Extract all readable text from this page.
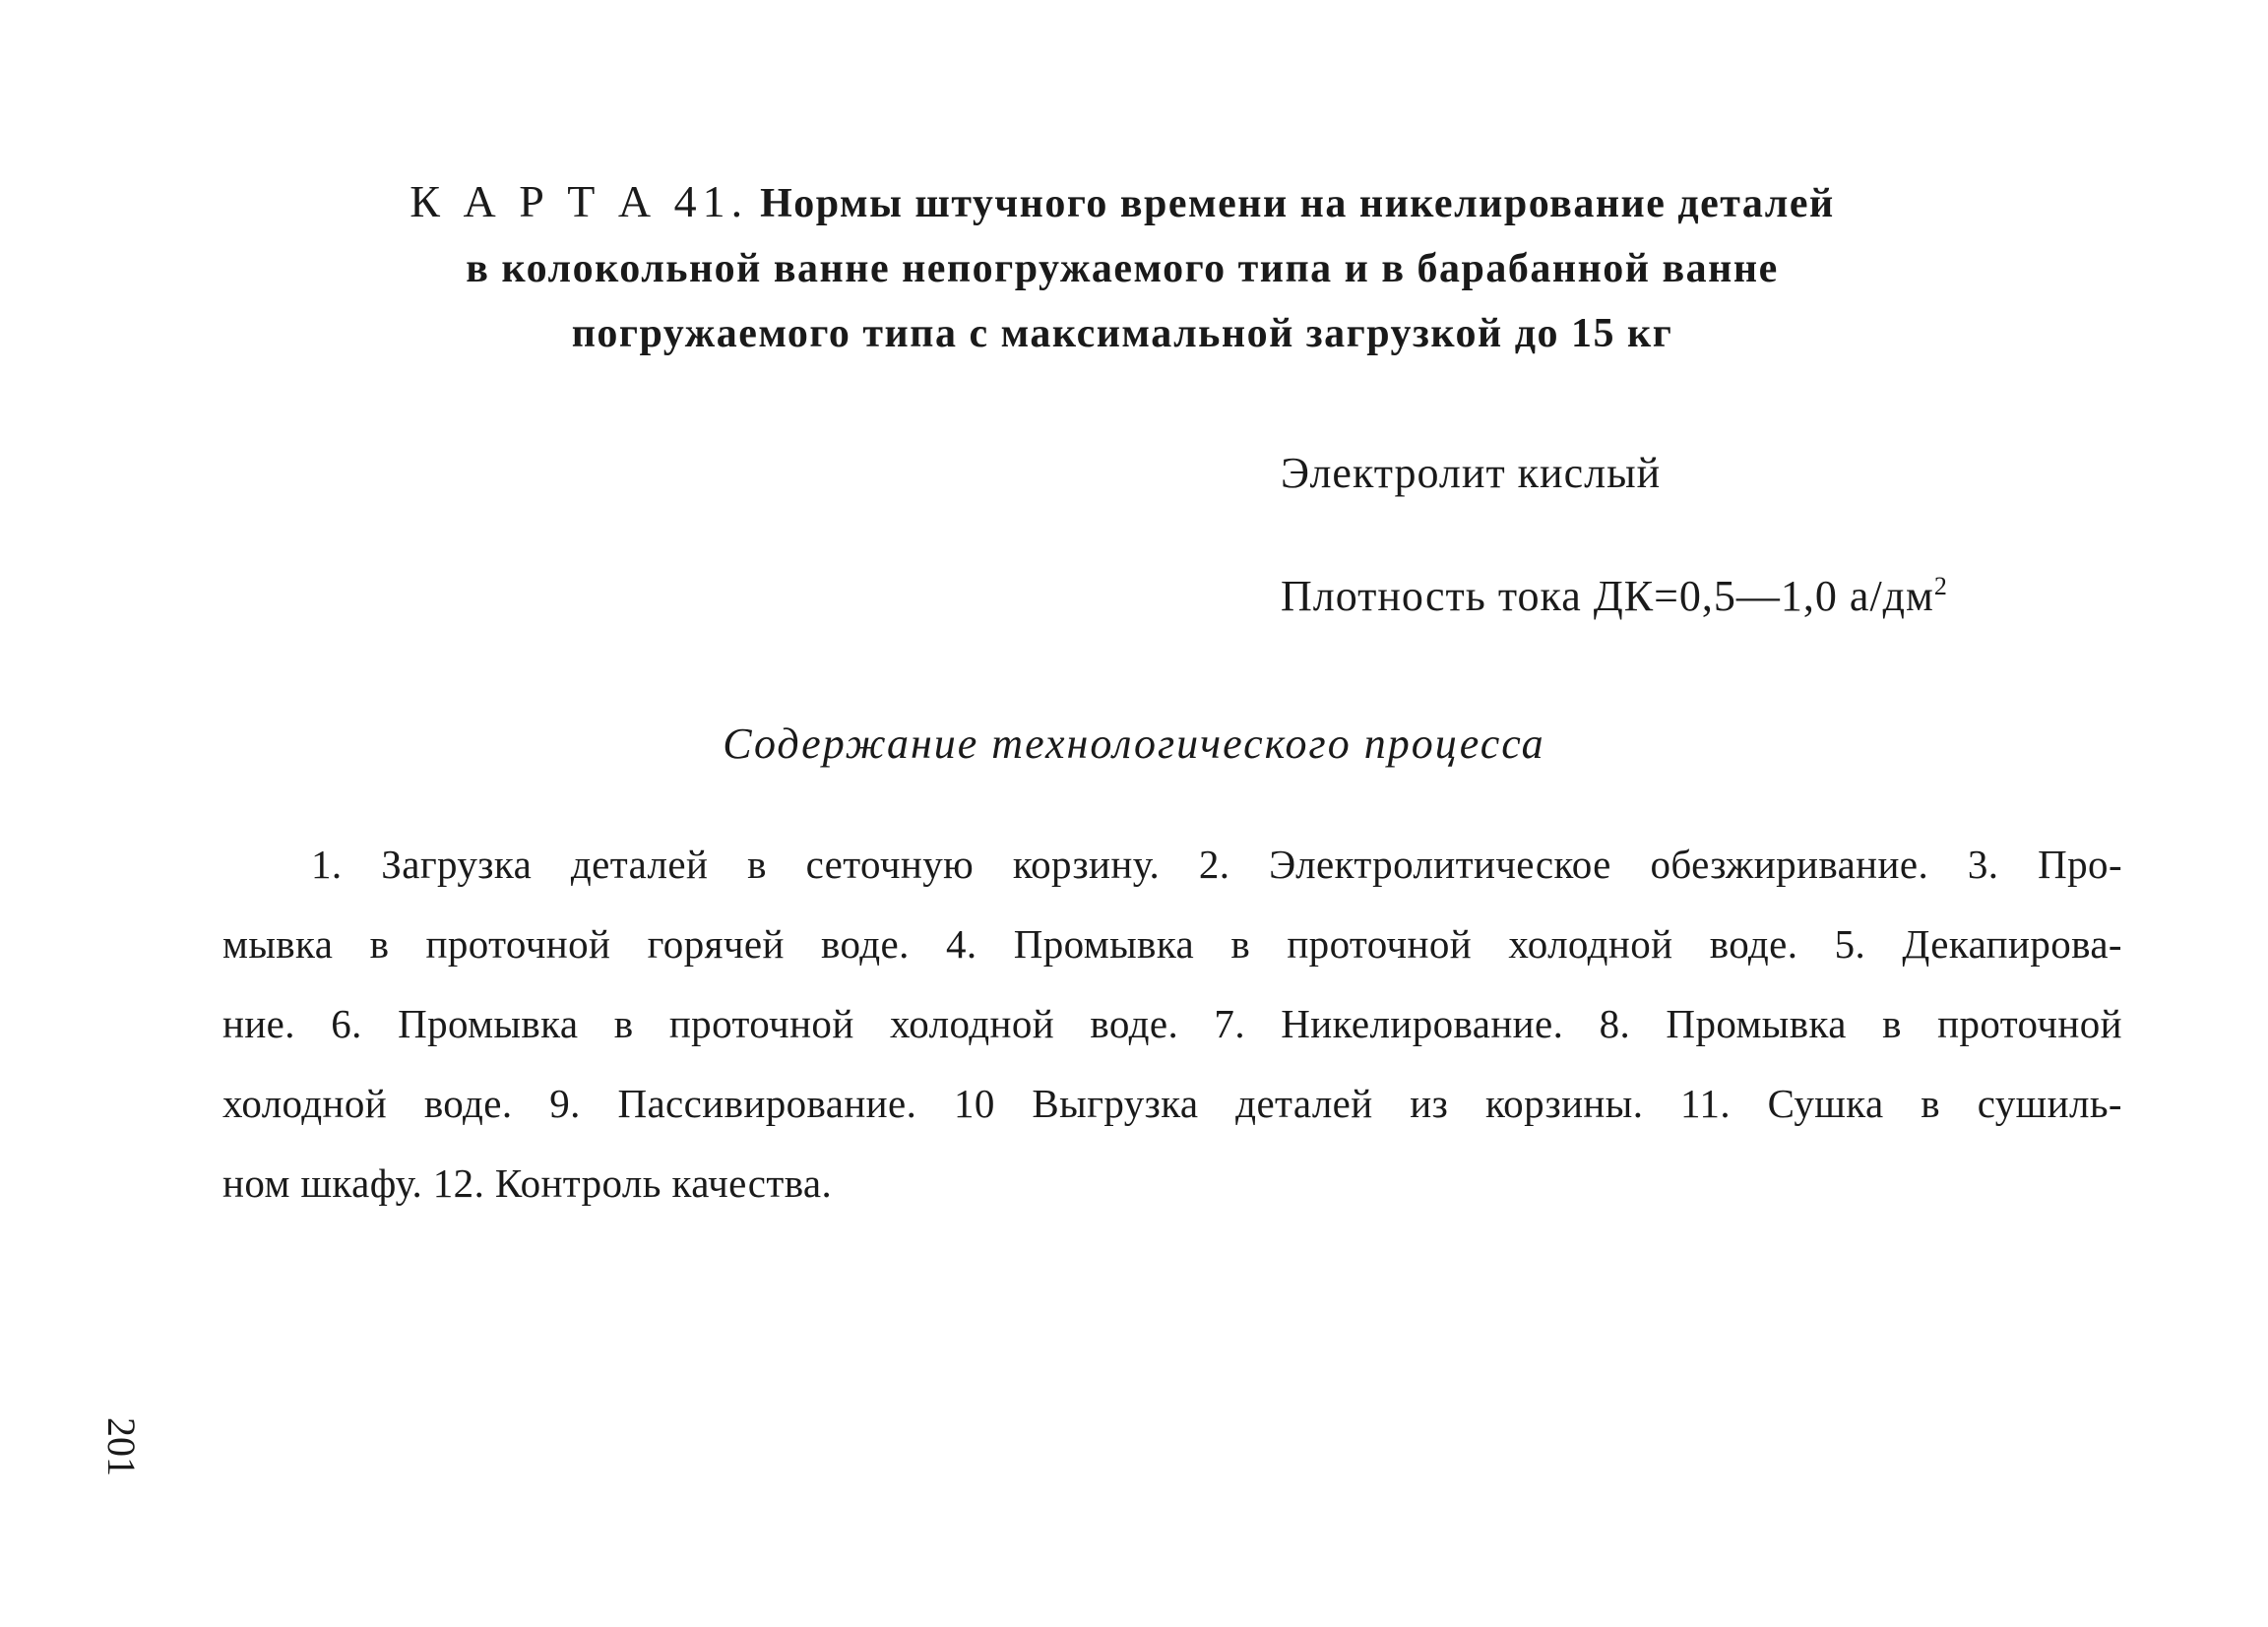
К А Р Т А 41. Нормы штучного времени на никелирование деталей
в колокольной ванне непогружаемого типа и в барабанной ванне
погружаемого типа с максимальной загрузкой до 15 кг
Электролит кислый
Плотность тока ДК=0,5—1,0 $а/дм^2$
Содержание технологического процесса
1. Загрузка деталей в сеточную корзину. 2. Электролитическое обезжиривание. 3. Про-
мывка в проточной горячей воде. 4. Промывка в проточной холодной воде. 5. Декапирова-
ние. 6. Промывка в проточной холодной воде. 7. Никелирование. 8. Промывка в проточной
холодной воде. 9. Пассивирование. 10 Выгрузка деталей из корзины. 11. Сушка в сушиль-
ном шкафу. 12. Контроль качества.
201
